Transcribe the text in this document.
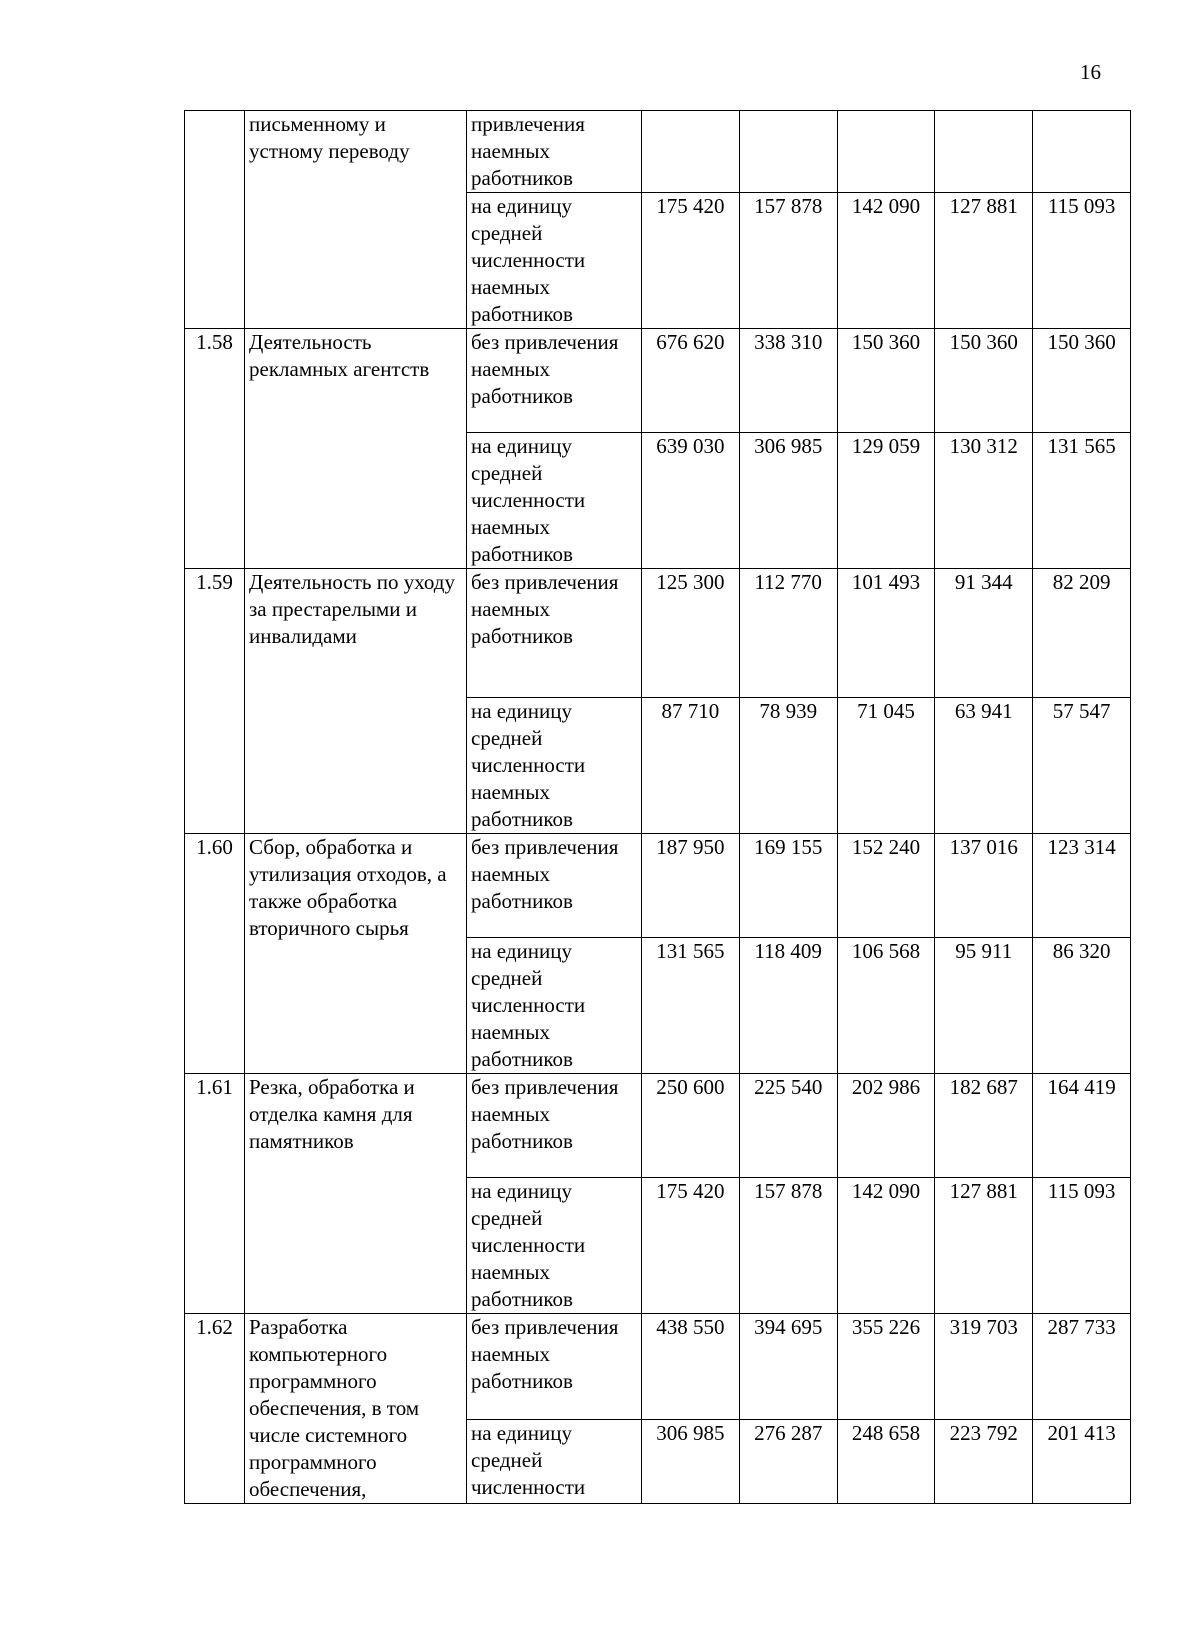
16
	письменному и устному переводу	привлечения наемных работников					
		на единицу средней численности наемных работников	175 420	157 878	142 090	127 881	115 093
1.58	Деятельность рекламных агентств	без привлечения наемных работников	676 620	338 310	150 360	150 360	150 360
		на единицу средней численности наемных работников	639 030	306 985	129 059	130 312	131 565
1.59	Деятельность по уходу за престарелыми и инвалидами	без привлечения наемных работников	125 300	112 770	101 493	91 344	82 209
		на единицу средней численности наемных работников	87 710	78 939	71 045	63 941	57 547
1.60	Сбор, обработка и утилизация отходов, а также обработка вторичного сырья	без привлечения наемных работников	187 950	169 155	152 240	137 016	123 314
		на единицу средней численности наемных работников	131 565	118 409	106 568	95 911	86 320
1.61	Резка, обработка и отделка камня для памятников	без привлечения наемных работников	250 600	225 540	202 986	182 687	164 419
		на единицу средней численности наемных работников	175 420	157 878	142 090	127 881	115 093
1.62	Разработка компьютерного программного обеспечения, в том числе системного программного обеспечения,	без привлечения наемных работников	438 550	394 695	355 226	319 703	287 733
		на единицу средней численности	306 985	276 287	248 658	223 792	201 413
